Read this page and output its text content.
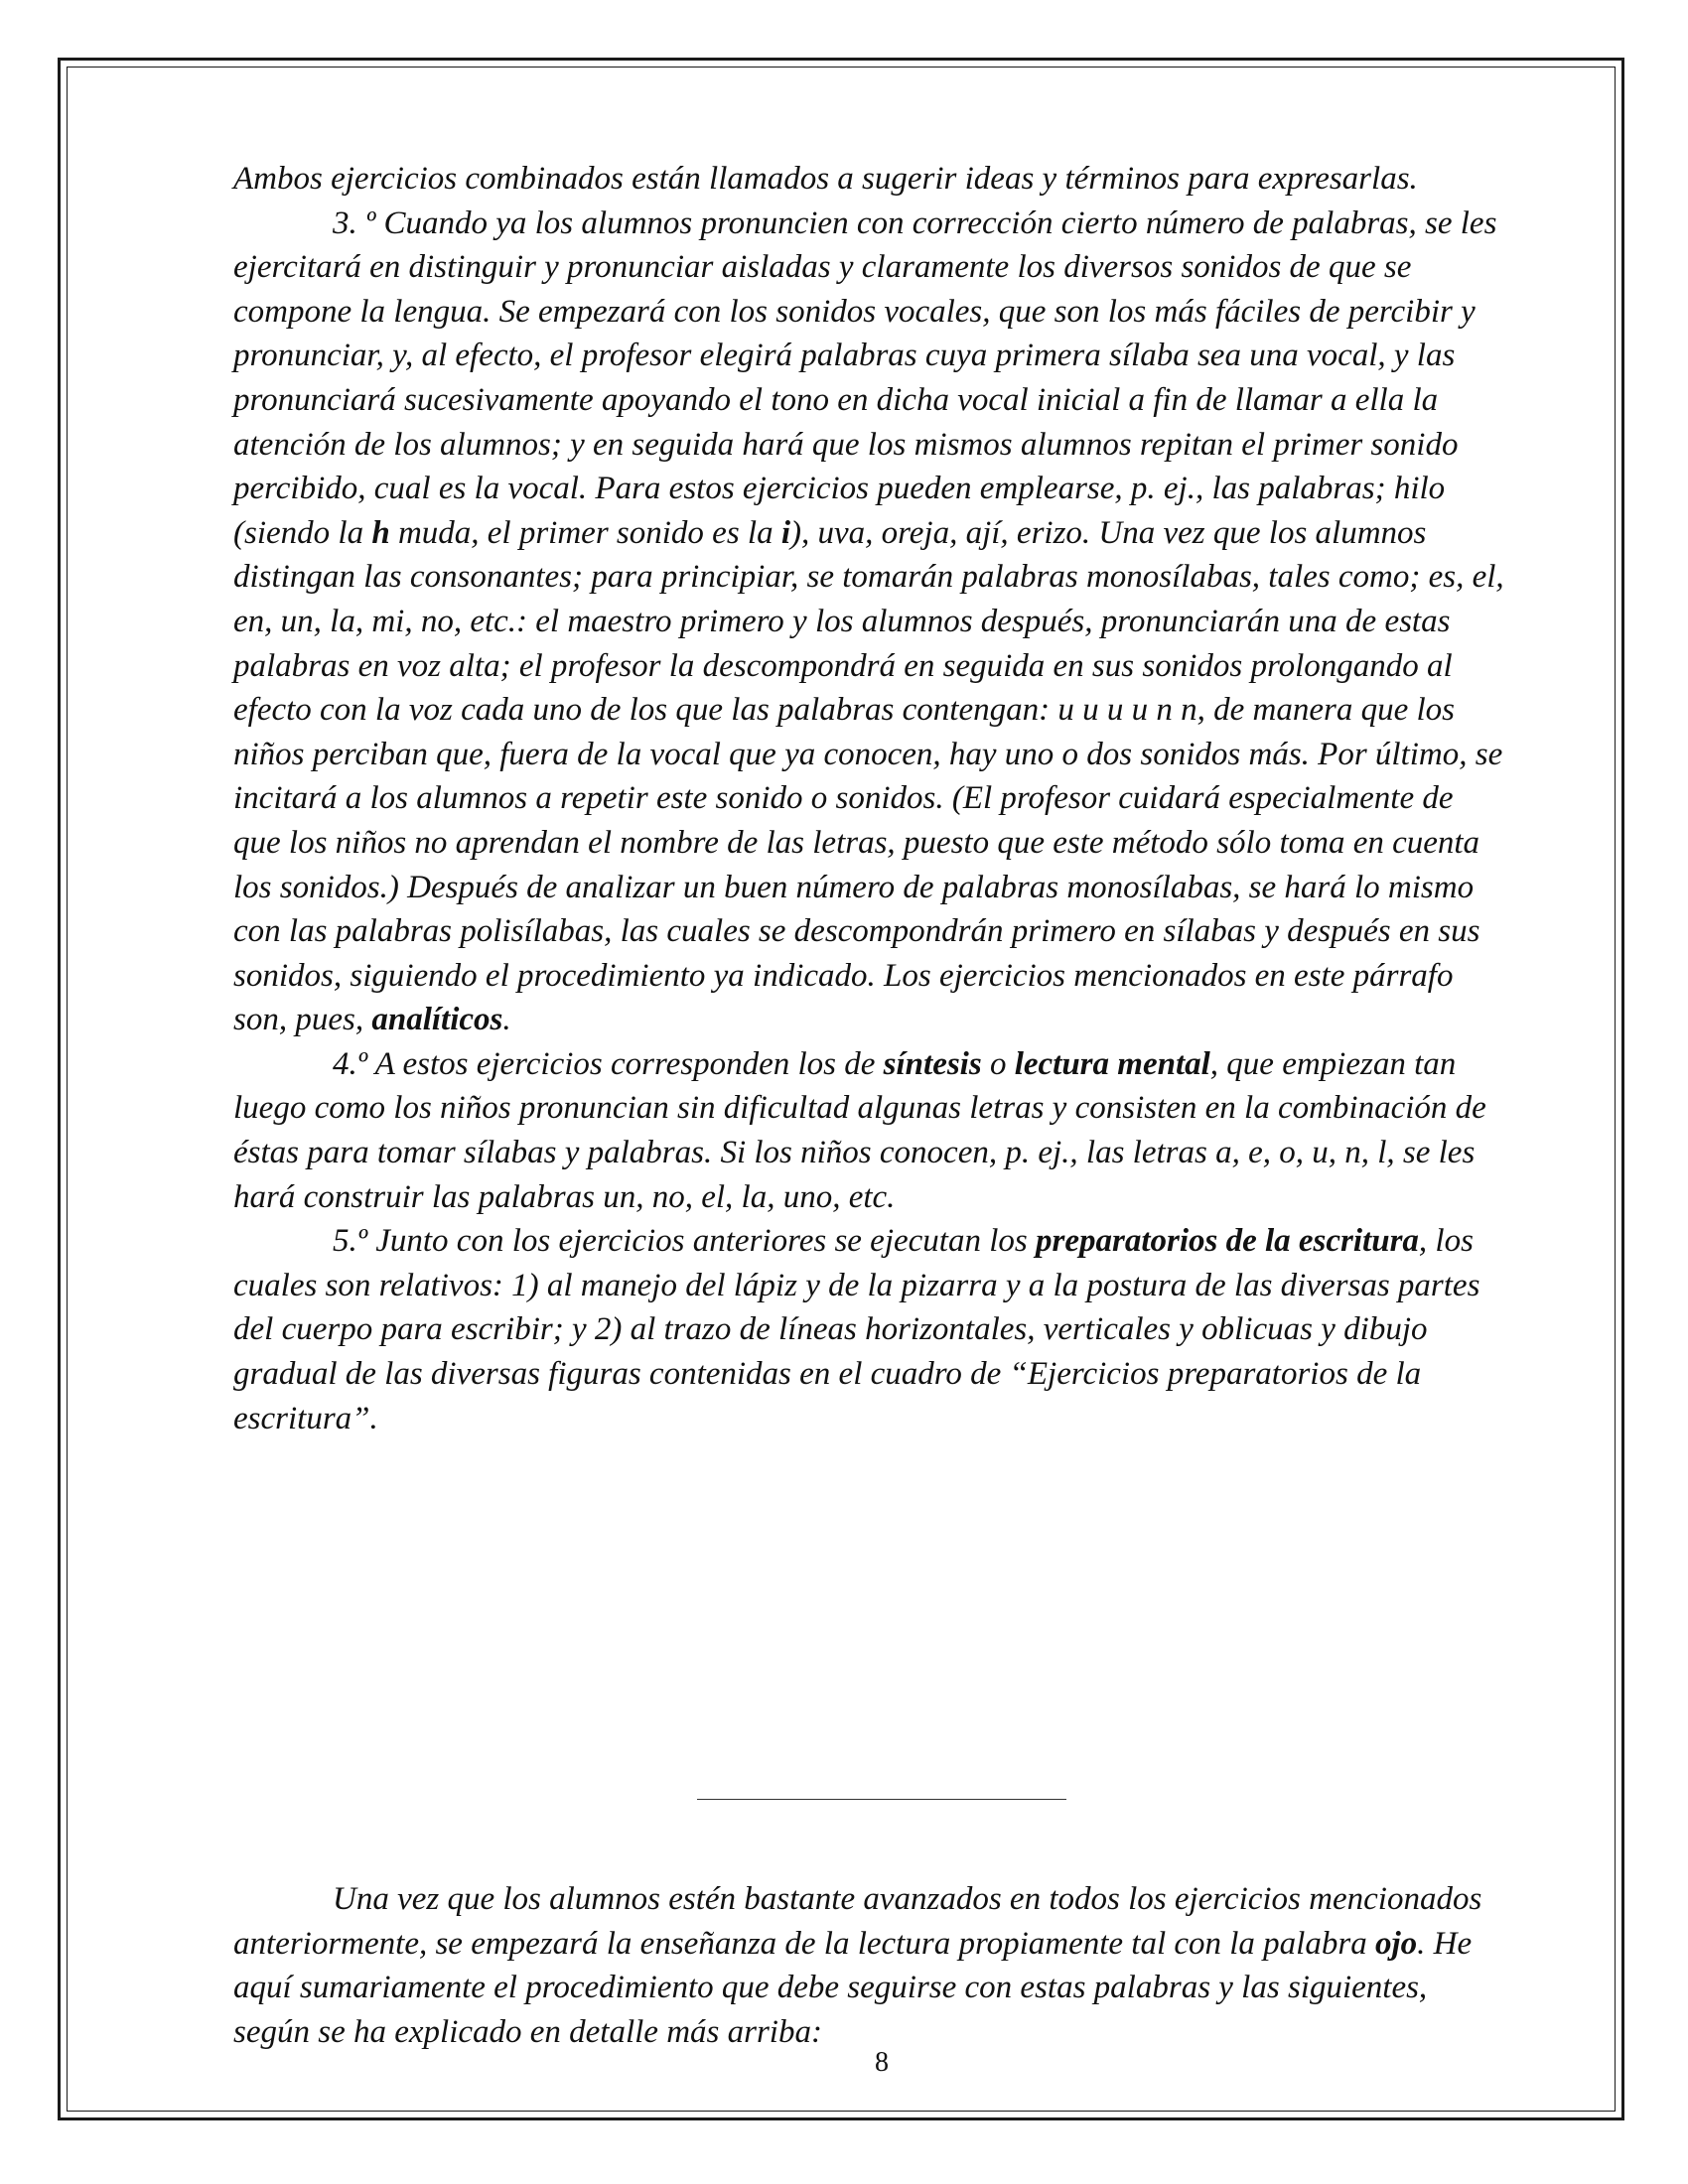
Ambos ejercicios combinados están llamados a sugerir ideas y términos para expresarlas.

3. º Cuando ya los alumnos pronuncien con corrección cierto número de palabras, se les ejercitará en distinguir y pronunciar aisladas y claramente los diversos sonidos de que se compone la lengua. Se empezará con los sonidos vocales, que son los más fáciles de percibir y pronunciar, y, al efecto, el profesor elegirá palabras cuya primera sílaba sea una vocal, y las pronunciará sucesivamente apoyando el tono en dicha vocal inicial a fin de llamar a ella la atención de los alumnos; y en seguida hará que los mismos alumnos repitan el primer sonido percibido, cual es la vocal. Para estos ejercicios pueden emplearse, p. ej., las palabras; hilo (siendo la h muda, el primer sonido es la i), uva, oreja, ají, erizo. Una vez que los alumnos distingan las consonantes; para principiar, se tomarán palabras monosílabas, tales como; es, el, en, un, la, mi, no, etc.: el maestro primero y los alumnos después, pronunciarán una de estas palabras en voz alta; el profesor la descompondrá en seguida en sus sonidos prolongando al efecto con la voz cada uno de los que las palabras contengan: u u u u n n, de manera que los niños perciban que, fuera de la vocal que ya conocen, hay uno o dos sonidos más. Por último, se incitará a los alumnos a repetir este sonido o sonidos. (El profesor cuidará especialmente de que los niños no aprendan el nombre de las letras, puesto que este método sólo toma en cuenta los sonidos.) Después de analizar un buen número de palabras monosílabas, se hará lo mismo con las palabras polisílabas, las cuales se descompondrán primero en sílabas y después en sus sonidos, siguiendo el procedimiento ya indicado. Los ejercicios mencionados en este párrafo son, pues, analíticos.

4.º A estos ejercicios corresponden los de síntesis o lectura mental, que empiezan tan luego como los niños pronuncian sin dificultad algunas letras y consisten en la combinación de éstas para tomar sílabas y palabras. Si los niños conocen, p. ej., las letras a, e, o, u, n, l, se les hará construir las palabras un, no, el, la, uno, etc.

5.º Junto con los ejercicios anteriores se ejecutan los preparatorios de la escritura, los cuales son relativos: 1) al manejo del lápiz y de la pizarra y a la postura de las diversas partes del cuerpo para escribir; y 2) al trazo de líneas horizontales, verticales y oblicuas y dibujo gradual de las diversas figuras contenidas en el cuadro de “Ejercicios preparatorios de la escritura”.

Una vez que los alumnos estén bastante avanzados en todos los ejercicios mencionados anteriormente, se empezará la enseñanza de la lectura propiamente tal con la palabra ojo. He aquí sumariamente el procedimiento que debe seguirse con estas palabras y las siguientes, según se ha explicado en detalle más arriba:

8
